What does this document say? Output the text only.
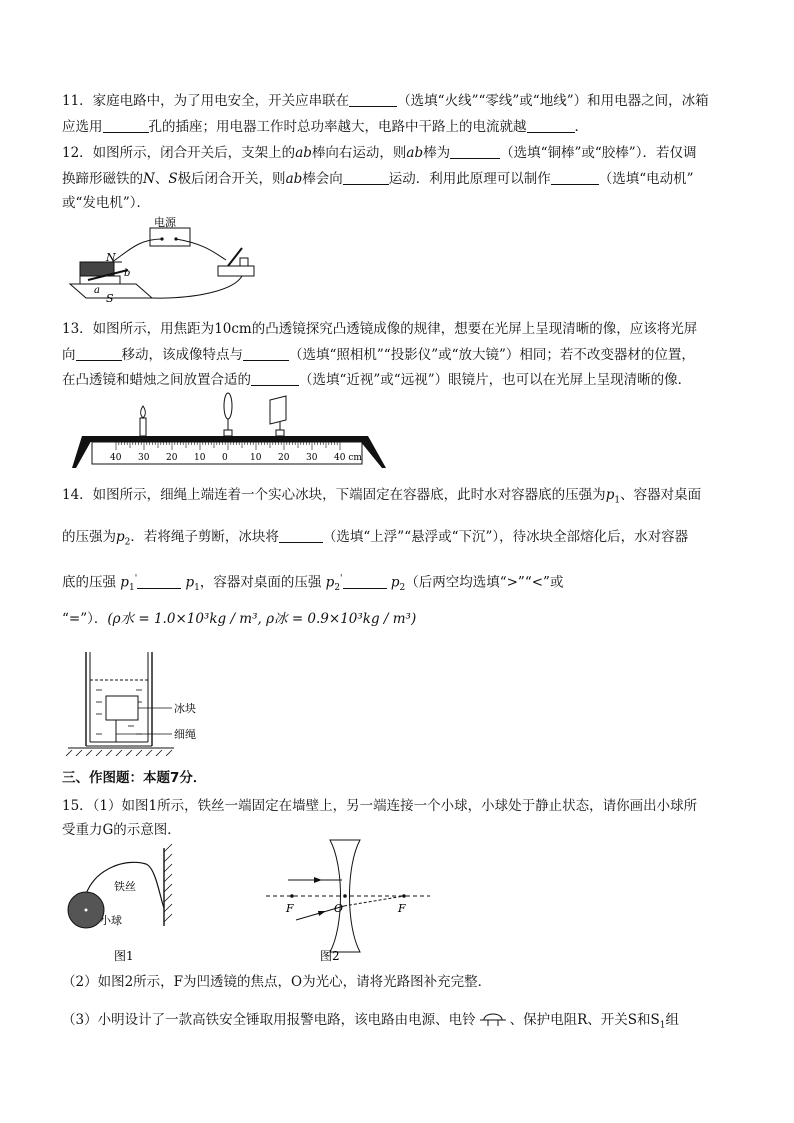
11．家庭电路中，为了用电安全，开关应串联在	（选填“火线”“零线”或“地线”）和用电器之间，冰箱
应选用	孔的插座；用电器工作时总功率越大，电路中干路上的电流就越	．
12．如图所示，闭合开关后，支架上的ab棒向右运动，则ab棒为	（选填“铜棒”或“胶棒”）．若仅调
换蹄形磁铁的N、S极后闭合开关，则ab棒会向	运动．利用此原理可以制作	（选填“电动机”
或“发电机”）．
电源
N
S
a
b
13．如图所示，用焦距为10cm的凸透镜探究凸透镜成像的规律，想要在光屏上呈现清晰的像，应该将光屏
向	移动，该成像特点与	（选填“照相机”“投影仪”或“放大镜”）相同；若不改变器材的位置，
在凸透镜和蜡烛之间放置合适的	（选填“近视”或“远视”）眼镜片，也可以在光屏上呈现清晰的像．
40 30 20 10 0 10 20 30 40 cm
14．如图所示，细绳上端连着一个实心冰块，下端固定在容器底，此时水对容器底的压强为$p_1$、容器对桌面
的压强为$p_2$．若将绳子剪断，冰块将	（选填“上浮”“悬浮或“下沉”），待冰块全部熔化后，水对容器
底的压强 $p_1'$	$p_1$，容器对桌面的压强 $p_2'$	$p_2$（后两空均选填“>”“<”或
“=”）．(ρ水 = 1.0×10³kg / m³, ρ冰 = 0.9×10³kg / m³)
冰块
细绳
三、作图题：本题7分．
15．（1）如图1所示，铁丝一端固定在墙壁上，另一端连接一个小球，小球处于静止状态，请你画出小球所
受重力G的示意图．
铁丝
小球
图1
F	O	F
图2
（2）如图2所示，F为凹透镜的焦点，O为光心，请将光路图补充完整．
（3）小明设计了一款高铁安全锤取用报警电路，该电路由电源、电铃	、保护电阻R、开关S和$S_1$组
